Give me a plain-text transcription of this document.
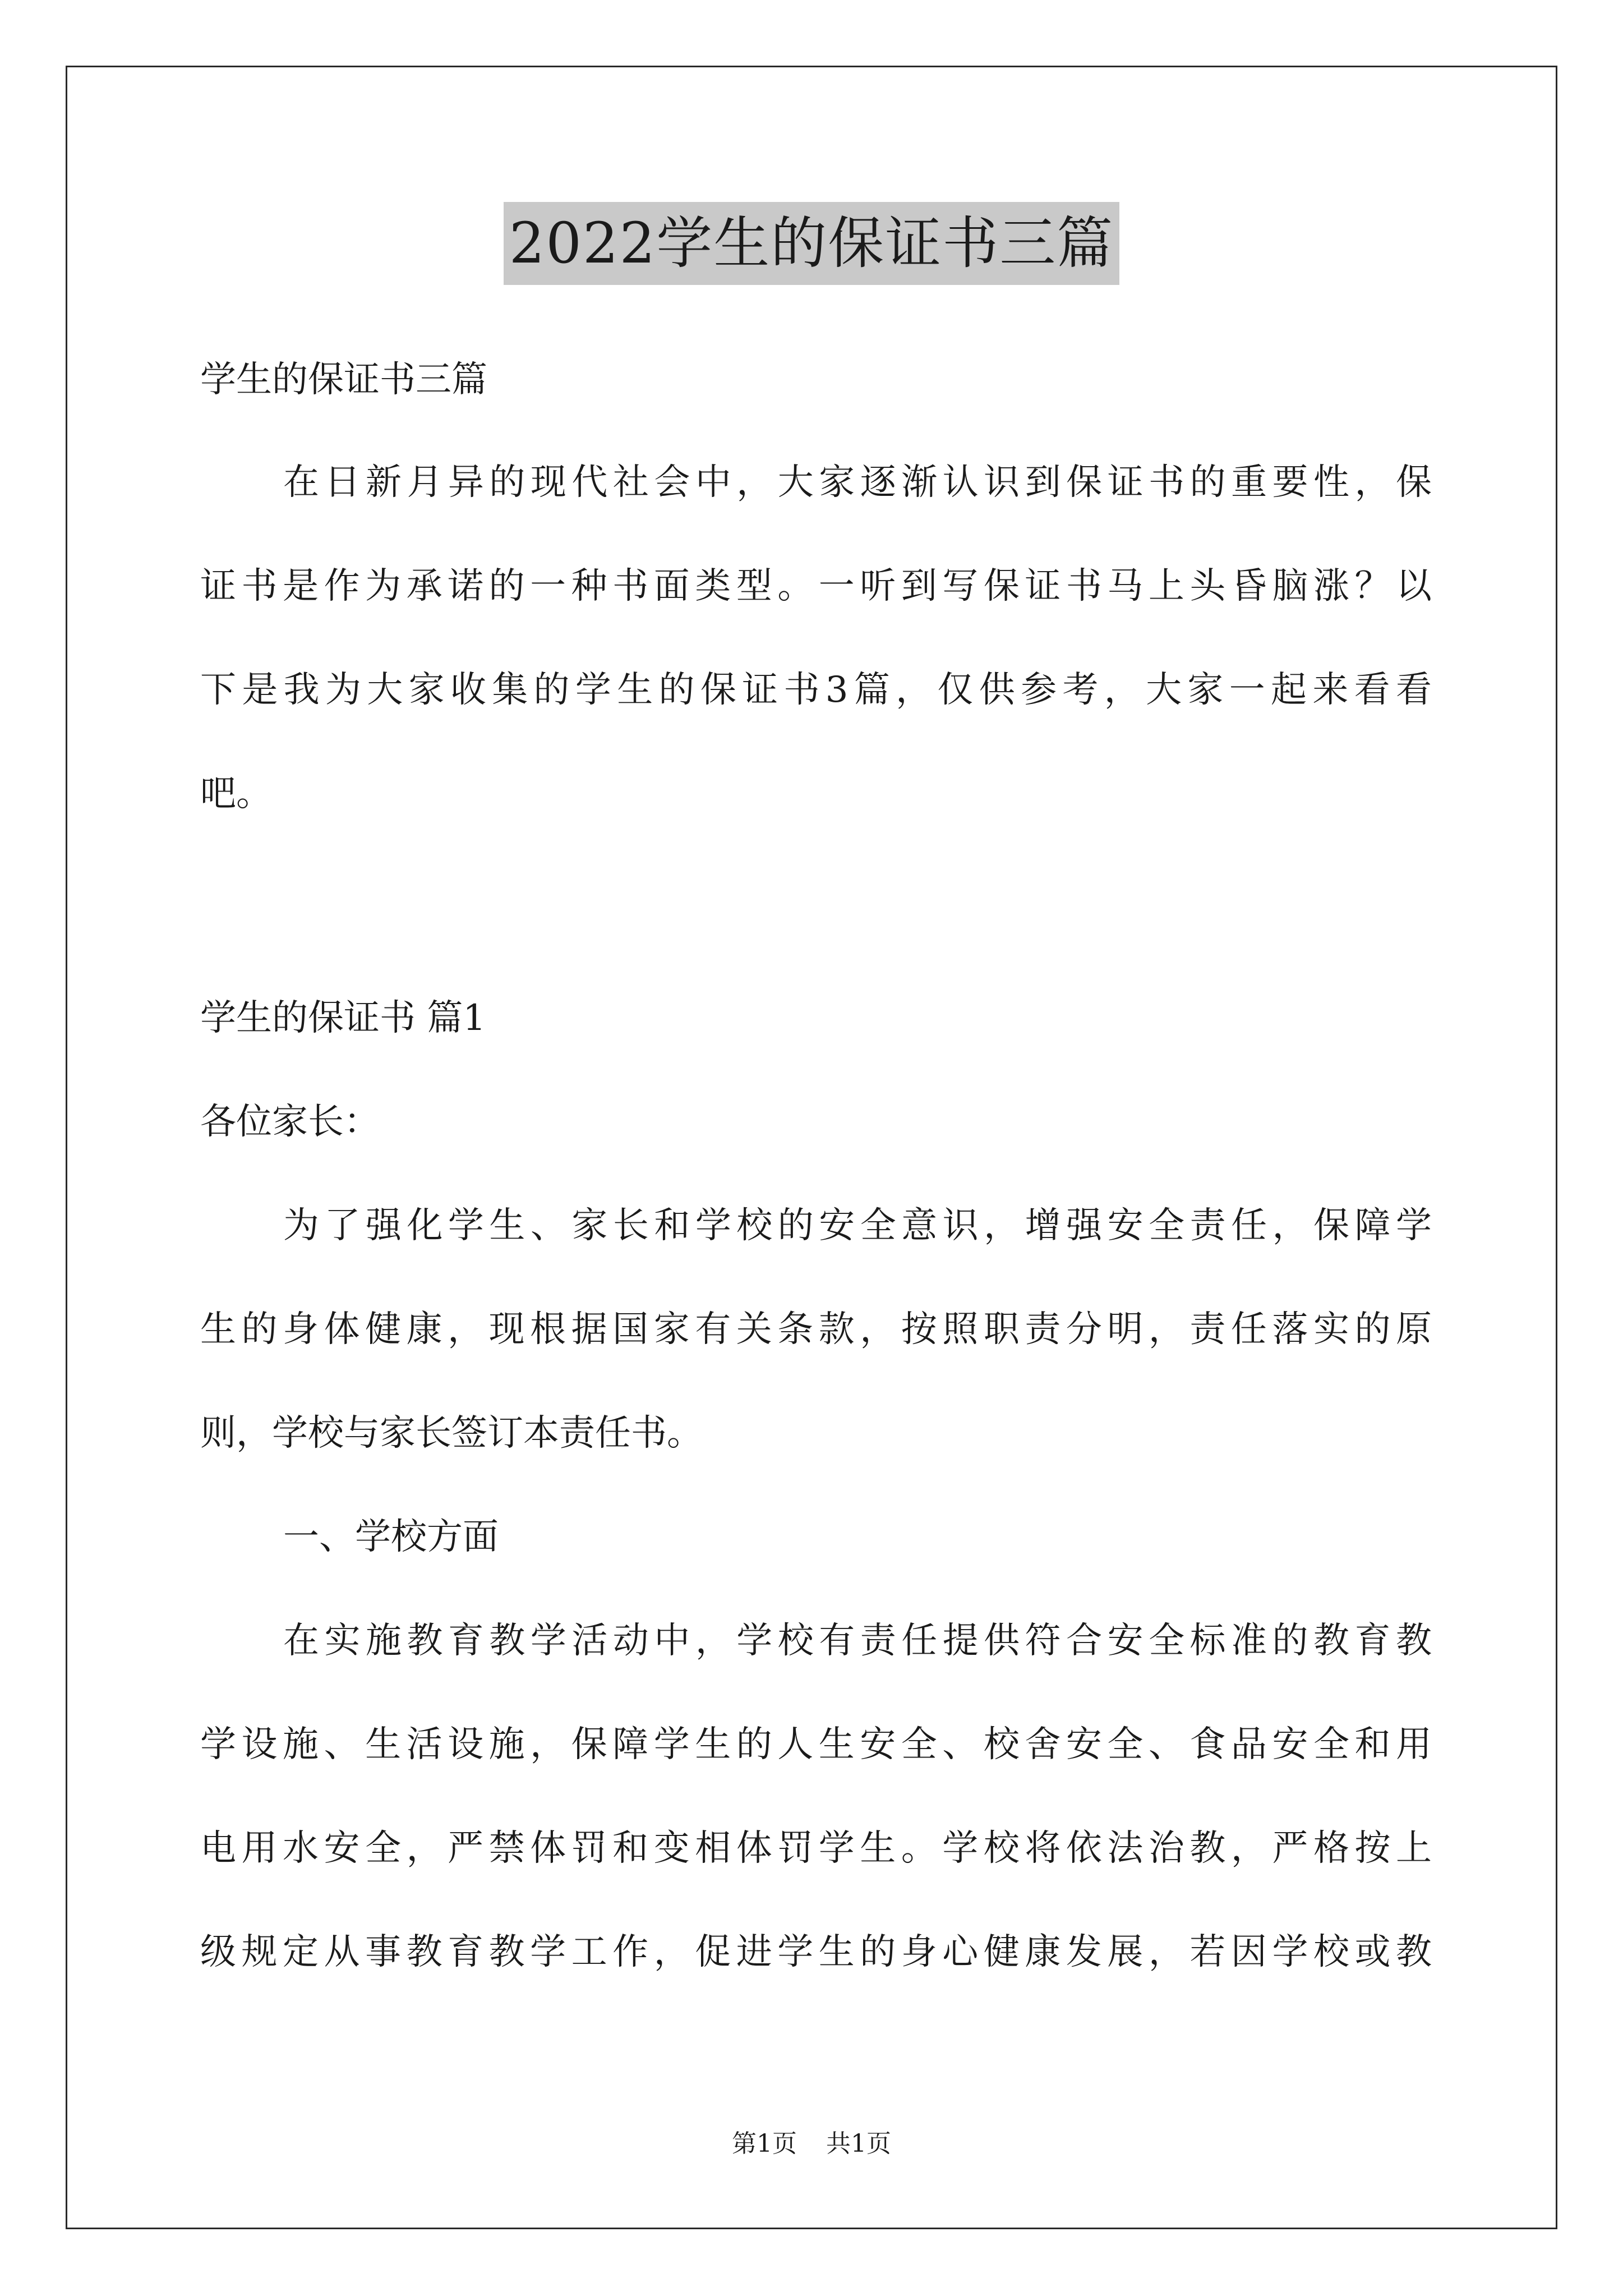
2022学生的保证书三篇
学生的保证书三篇
在日新月异的现代社会中，大家逐渐认识到保证书的重要性，保
证书是作为承诺的一种书面类型。一听到写保证书马上头昏脑涨？以
下是我为大家收集的学生的保证书3篇，仅供参考，大家一起来看看
吧。
学生的保证书 篇1
各位家长：
为了强化学生、家长和学校的安全意识，增强安全责任，保障学
生的身体健康，现根据国家有关条款，按照职责分明，责任落实的原
则，学校与家长签订本责任书。
一、学校方面
在实施教育教学活动中，学校有责任提供符合安全标准的教育教
学设施、生活设施，保障学生的人生安全、校舍安全、食品安全和用
电用水安全，严禁体罚和变相体罚学生。学校将依法治教，严格按上
级规定从事教育教学工作，促进学生的身心健康发展，若因学校或教
第1页 共1页
